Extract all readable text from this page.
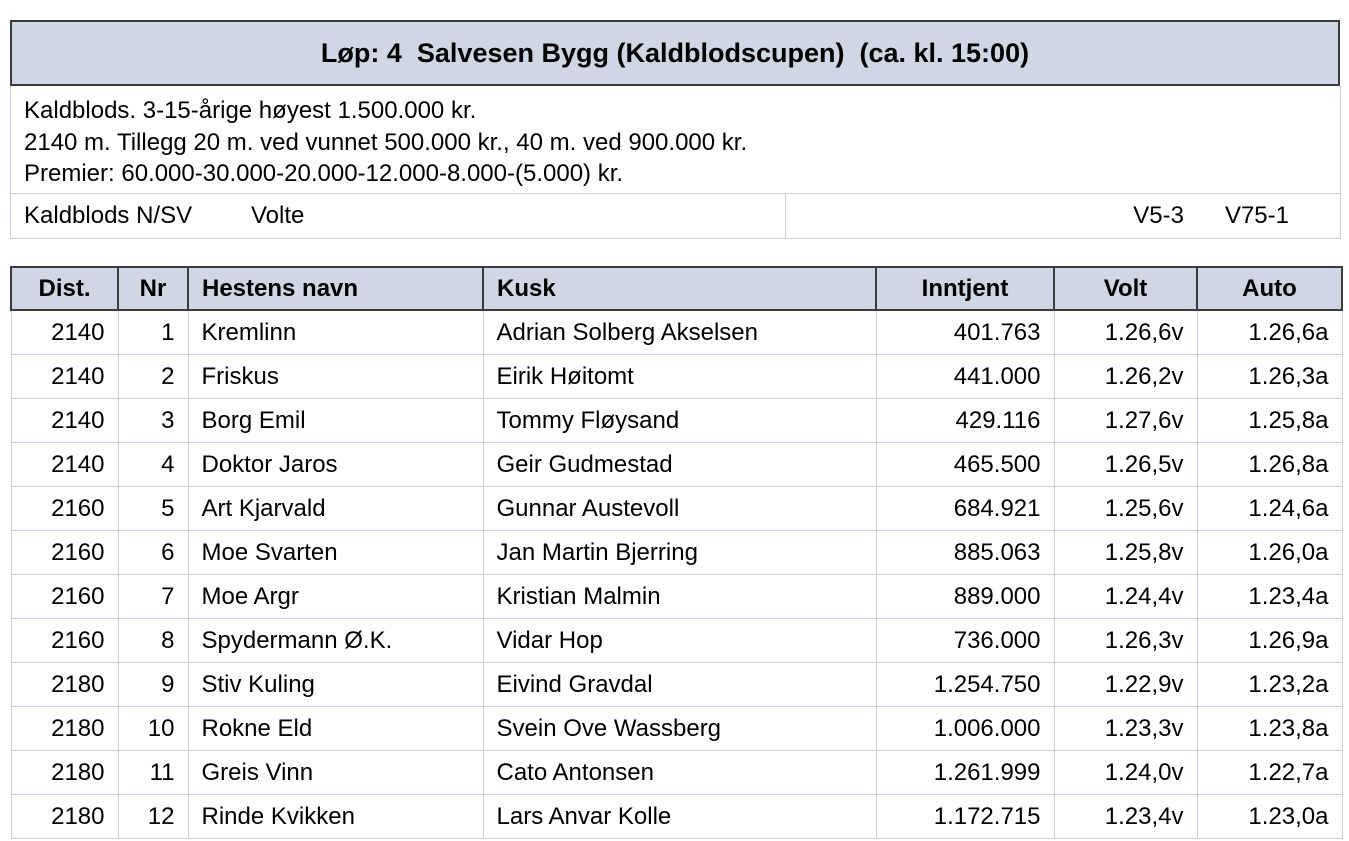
Løp: 4  Salvesen Bygg (Kaldblodscupen)  (ca. kl. 15:00)
Kaldblods. 3-15-årige høyest 1.500.000 kr.
2140 m. Tillegg 20 m. ved vunnet 500.000 kr., 40 m. ved 900.000 kr.
Premier: 60.000-30.000-20.000-12.000-8.000-(5.000) kr.
Kaldblods N/SV Volte	V5-3 V75-1
Dist.	Nr	Hestens navn	Kusk	Inntjent	Volt	Auto
2140	1	Kremlinn	Adrian Solberg Akselsen	401.763	1.26,6v	1.26,6a
2140	2	Friskus	Eirik Høitomt	441.000	1.26,2v	1.26,3a
2140	3	Borg Emil	Tommy Fløysand	429.116	1.27,6v	1.25,8a
2140	4	Doktor Jaros	Geir Gudmestad	465.500	1.26,5v	1.26,8a
2160	5	Art Kjarvald	Gunnar Austevoll	684.921	1.25,6v	1.24,6a
2160	6	Moe Svarten	Jan Martin Bjerring	885.063	1.25,8v	1.26,0a
2160	7	Moe Argr	Kristian Malmin	889.000	1.24,4v	1.23,4a
2160	8	Spydermann Ø.K.	Vidar Hop	736.000	1.26,3v	1.26,9a
2180	9	Stiv Kuling	Eivind Gravdal	1.254.750	1.22,9v	1.23,2a
2180	10	Rokne Eld	Svein Ove Wassberg	1.006.000	1.23,3v	1.23,8a
2180	11	Greis Vinn	Cato Antonsen	1.261.999	1.24,0v	1.22,7a
2180	12	Rinde Kvikken	Lars Anvar Kolle	1.172.715	1.23,4v	1.23,0a
